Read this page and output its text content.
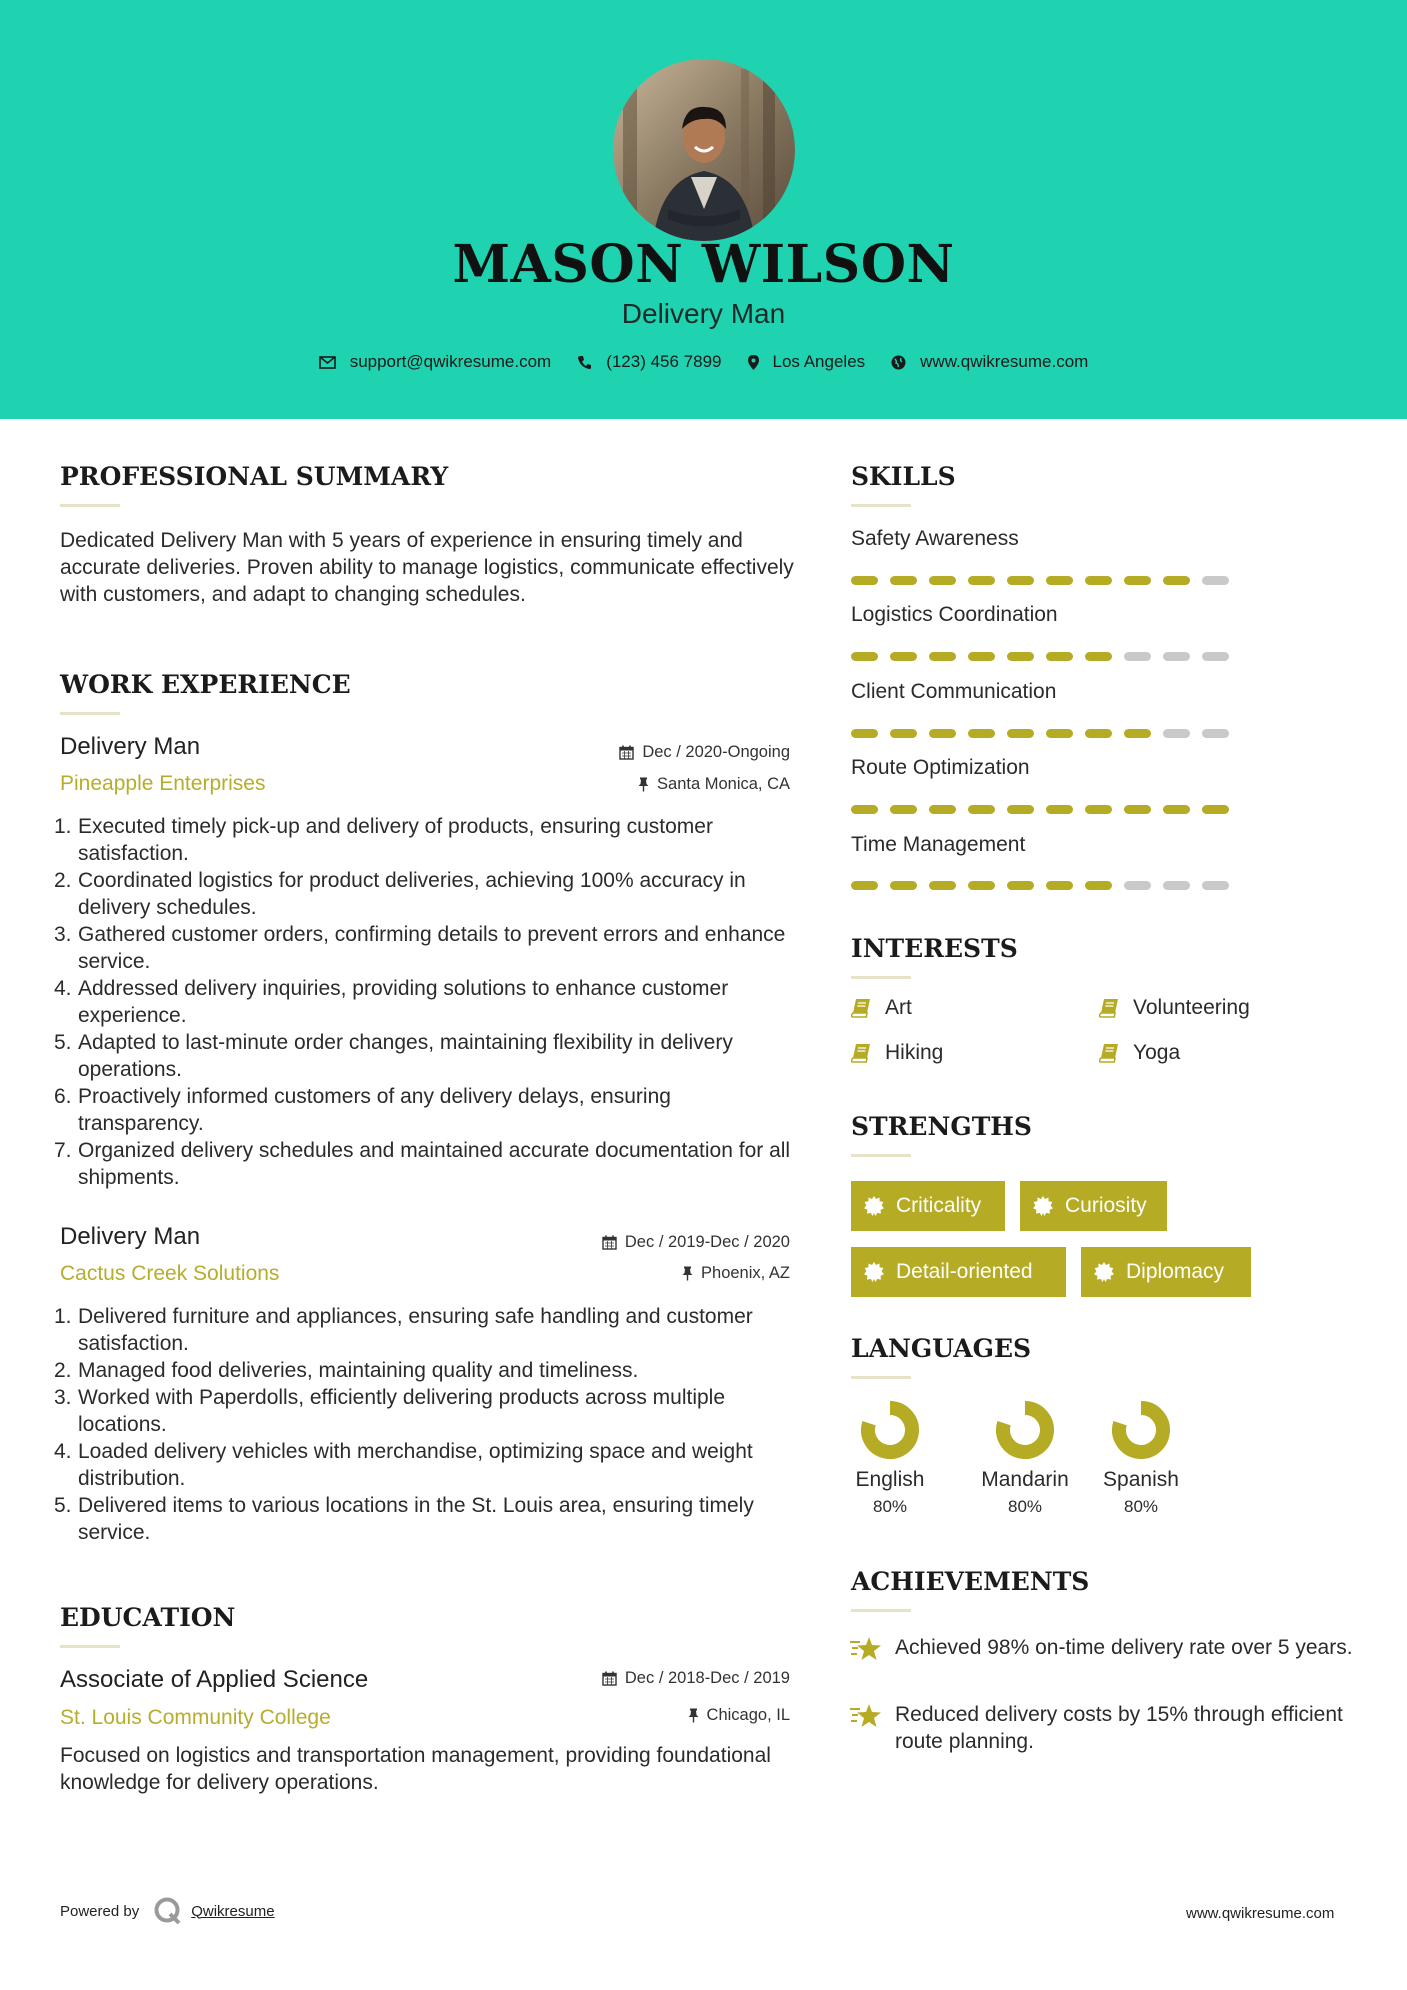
MASON WILSON
Delivery Man
support@qwikresume.com	(123) 456 7899	Los Angeles	www.qwikresume.com
PROFESSIONAL SUMMARY
Dedicated Delivery Man with 5 years of experience in ensuring timely and accurate deliveries. Proven ability to manage logistics, communicate effectively with customers, and adapt to changing schedules.
WORK EXPERIENCE
Delivery Man
Pineapple Enterprises
Dec / 2020-Ongoing
Santa Monica, CA
1. Executed timely pick-up and delivery of products, ensuring customer satisfaction.
2. Coordinated logistics for product deliveries, achieving 100% accuracy in delivery schedules.
3. Gathered customer orders, confirming details to prevent errors and enhance service.
4. Addressed delivery inquiries, providing solutions to enhance customer experience.
5. Adapted to last-minute order changes, maintaining flexibility in delivery operations.
6. Proactively informed customers of any delivery delays, ensuring transparency.
7. Organized delivery schedules and maintained accurate documentation for all shipments.
Delivery Man
Cactus Creek Solutions
Dec / 2019-Dec / 2020
Phoenix, AZ
1. Delivered furniture and appliances, ensuring safe handling and customer satisfaction.
2. Managed food deliveries, maintaining quality and timeliness.
3. Worked with Paperdolls, efficiently delivering products across multiple locations.
4. Loaded delivery vehicles with merchandise, optimizing space and weight distribution.
5. Delivered items to various locations in the St. Louis area, ensuring timely service.
EDUCATION
Associate of Applied Science
St. Louis Community College
Dec / 2018-Dec / 2019
Chicago, IL
Focused on logistics and transportation management, providing foundational knowledge for delivery operations.
SKILLS
Safety Awareness
Logistics Coordination
Client Communication
Route Optimization
Time Management
INTERESTS
Art	Volunteering
Hiking	Yoga
STRENGTHS
Criticality	Curiosity
Detail-oriented	Diplomacy
LANGUAGES
English
80%
Mandarin
80%
Spanish
80%
ACHIEVEMENTS
Achieved 98% on-time delivery rate over 5 years.
Reduced delivery costs by 15% through efficient route planning.
Powered by	Qwikresume	www.qwikresume.com
